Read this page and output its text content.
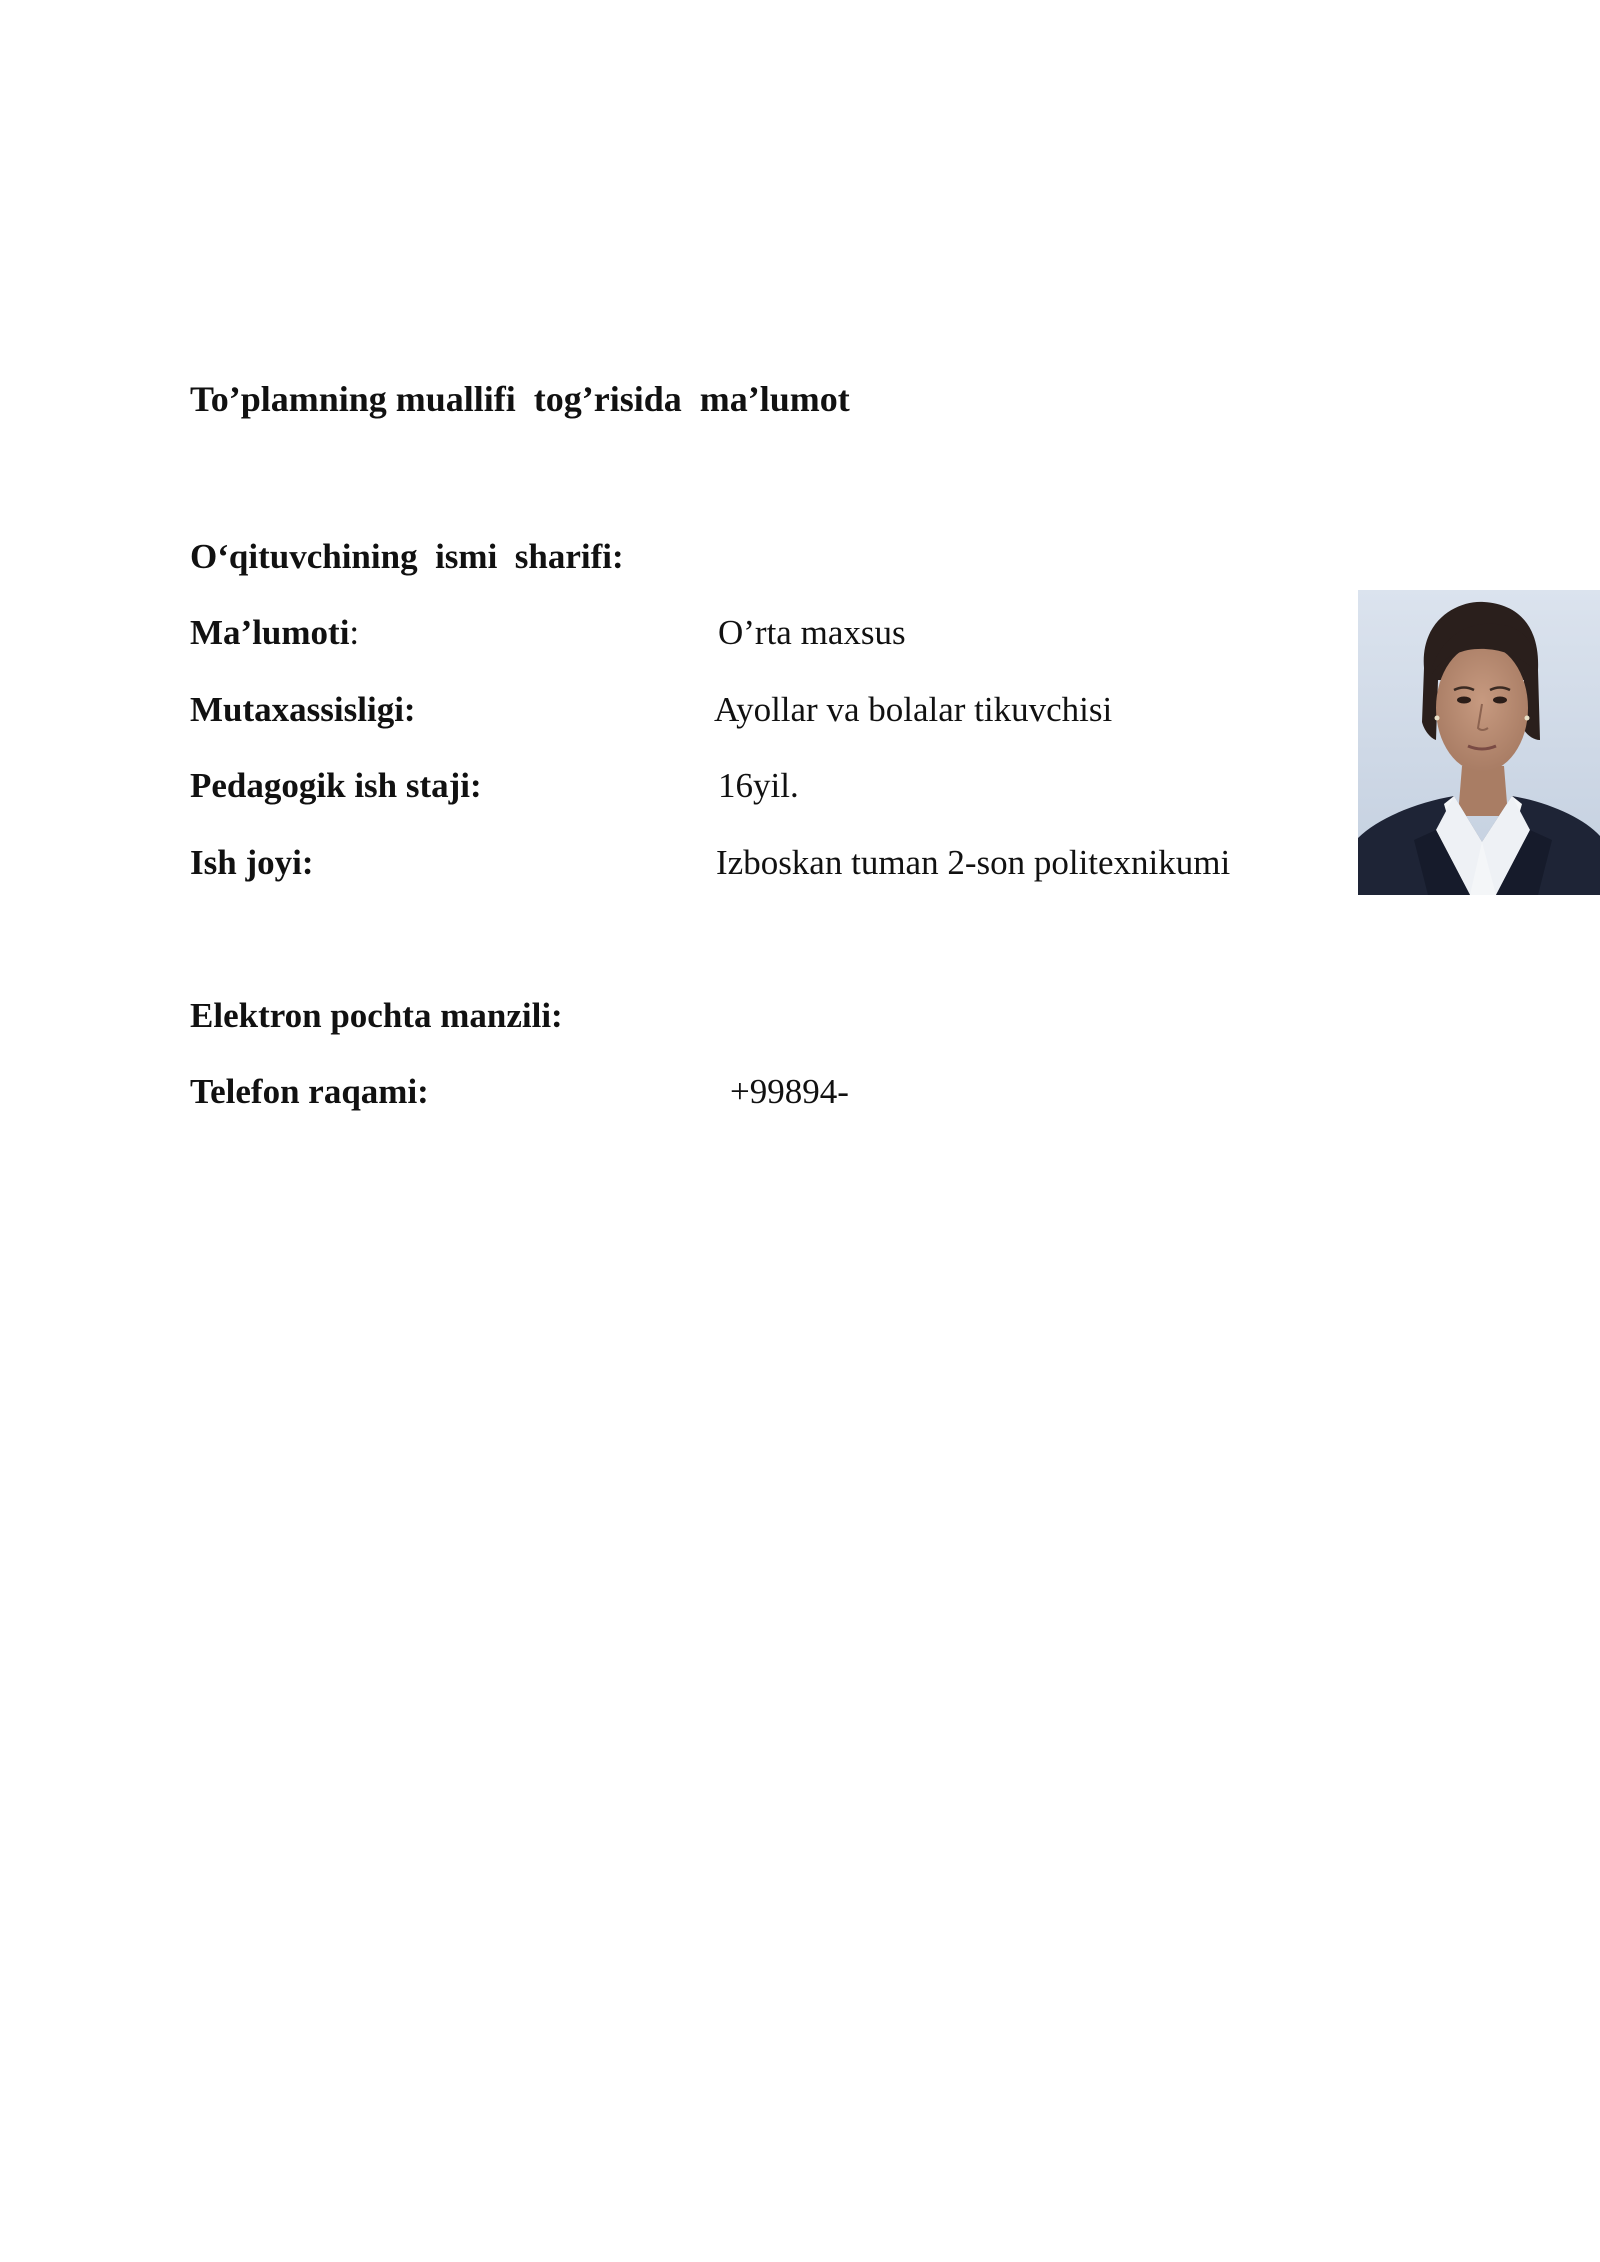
To’plamning muallifi  tog’risida  ma’lumot
O‘qituvchining  ismi  sharifi:
Ma’lumoti:	O’rta maxsus
Mutaxassisligi:	Ayollar va bolalar tikuvchisi
Pedagogik ish staji:	16yil.
Ish joyi:	Izboskan tuman 2-son politexnikumi
Elektron pochta manzili:
Telefon raqami:	+99894-
